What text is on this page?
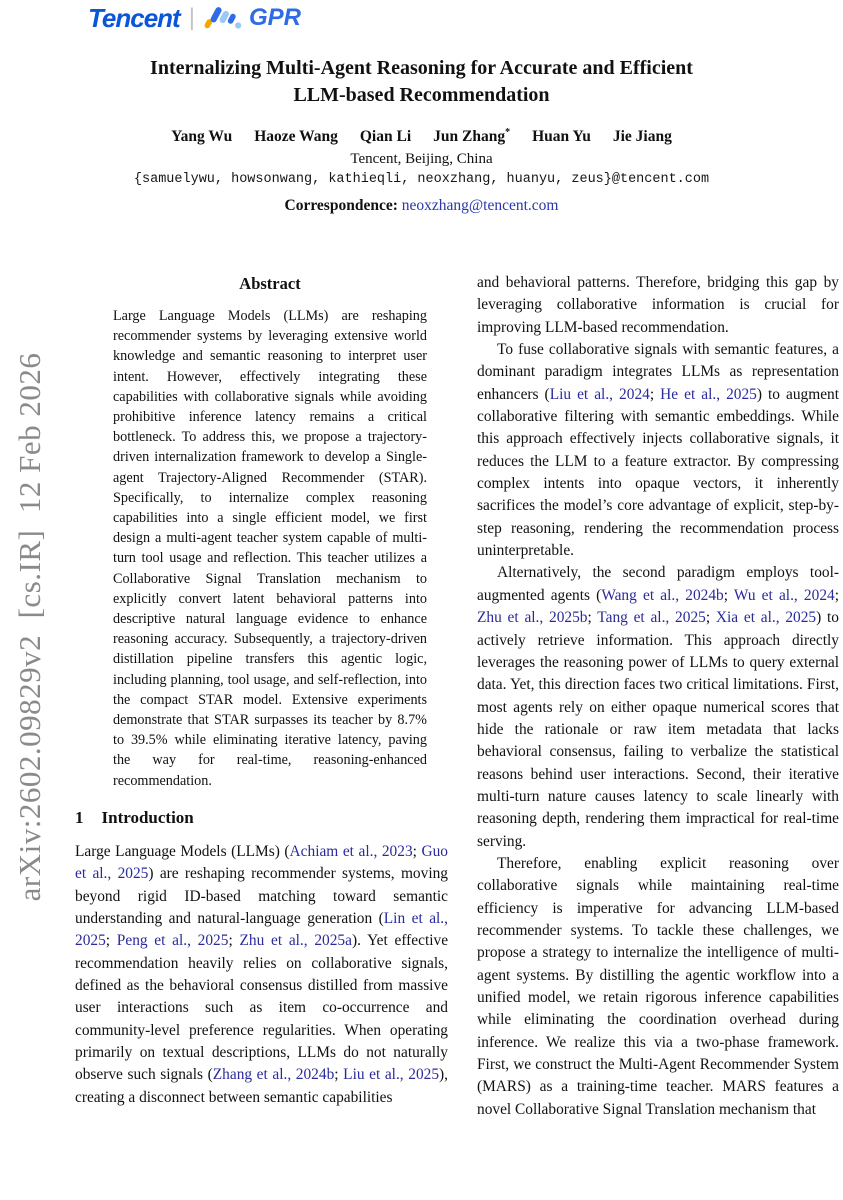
arXiv:2602.09829v2  [cs.IR]  12 Feb 2026
Tencent | GPR
Internalizing Multi-Agent Reasoning for Accurate and Efficient
LLM-based Recommendation
Yang Wu Haoze Wang Qian Li Jun Zhang* Huan Yu Jie Jiang
Tencent, Beijing, China
{samuelywu, howsonwang, kathieqli, neoxzhang, huanyu, zeus}@tencent.com
Correspondence: neoxzhang@tencent.com
Abstract

Large Language Models (LLMs) are reshaping recommender systems by leveraging extensive world knowledge and semantic reasoning to interpret user intent. However, effectively integrating these capabilities with collaborative signals while avoiding prohibitive inference latency remains a critical bottleneck. To address this, we propose a trajectory-driven internalization framework to develop a Single-agent Trajectory-Aligned Recommender (STAR). Specifically, to internalize complex reasoning capabilities into a single efficient model, we first design a multi-agent teacher system capable of multi-turn tool usage and reflection. This teacher utilizes a Collaborative Signal Translation mechanism to explicitly convert latent behavioral patterns into descriptive natural language evidence to enhance reasoning accuracy. Subsequently, a trajectory-driven distillation pipeline transfers this agentic logic, including planning, tool usage, and self-reflection, into the compact STAR model. Extensive experiments demonstrate that STAR surpasses its teacher by 8.7% to 39.5% while eliminating iterative latency, paving the way for real-time, reasoning-enhanced recommendation.

1 Introduction

Large Language Models (LLMs) (Achiam et al., 2023; Guo et al., 2025) are reshaping recommender systems, moving beyond rigid ID-based matching toward semantic understanding and natural-language generation (Lin et al., 2025; Peng et al., 2025; Zhu et al., 2025a). Yet effective recommendation heavily relies on collaborative signals, defined as the behavioral consensus distilled from massive user interactions such as item co-occurrence and community-level preference regularities. When operating primarily on textual descriptions, LLMs do not naturally observe such signals (Zhang et al., 2024b; Liu et al., 2025), creating a disconnect between semantic capabilities

and behavioral patterns. Therefore, bridging this gap by leveraging collaborative information is crucial for improving LLM-based recommendation.

To fuse collaborative signals with semantic features, a dominant paradigm integrates LLMs as representation enhancers (Liu et al., 2024; He et al., 2025) to augment collaborative filtering with semantic embeddings. While this approach effectively injects collaborative signals, it reduces the LLM to a feature extractor. By compressing complex intents into opaque vectors, it inherently sacrifices the model’s core advantage of explicit, step-by-step reasoning, rendering the recommendation process uninterpretable.

Alternatively, the second paradigm employs tool-augmented agents (Wang et al., 2024b; Wu et al., 2024; Zhu et al., 2025b; Tang et al., 2025; Xia et al., 2025) to actively retrieve information. This approach directly leverages the reasoning power of LLMs to query external data. Yet, this direction faces two critical limitations. First, most agents rely on either opaque numerical scores that hide the rationale or raw item metadata that lacks behavioral consensus, failing to verbalize the statistical reasons behind user interactions. Second, their iterative multi-turn nature causes latency to scale linearly with reasoning depth, rendering them impractical for real-time serving.

Therefore, enabling explicit reasoning over collaborative signals while maintaining real-time efficiency is imperative for advancing LLM-based recommender systems. To tackle these challenges, we propose a strategy to internalize the intelligence of multi-agent systems. By distilling the agentic workflow into a unified model, we retain rigorous inference capabilities while eliminating the coordination overhead during inference. We realize this via a two-phase framework. First, we construct the Multi-Agent Recommender System (MARS) as a training-time teacher. MARS features a novel Collaborative Signal Translation mechanism that
